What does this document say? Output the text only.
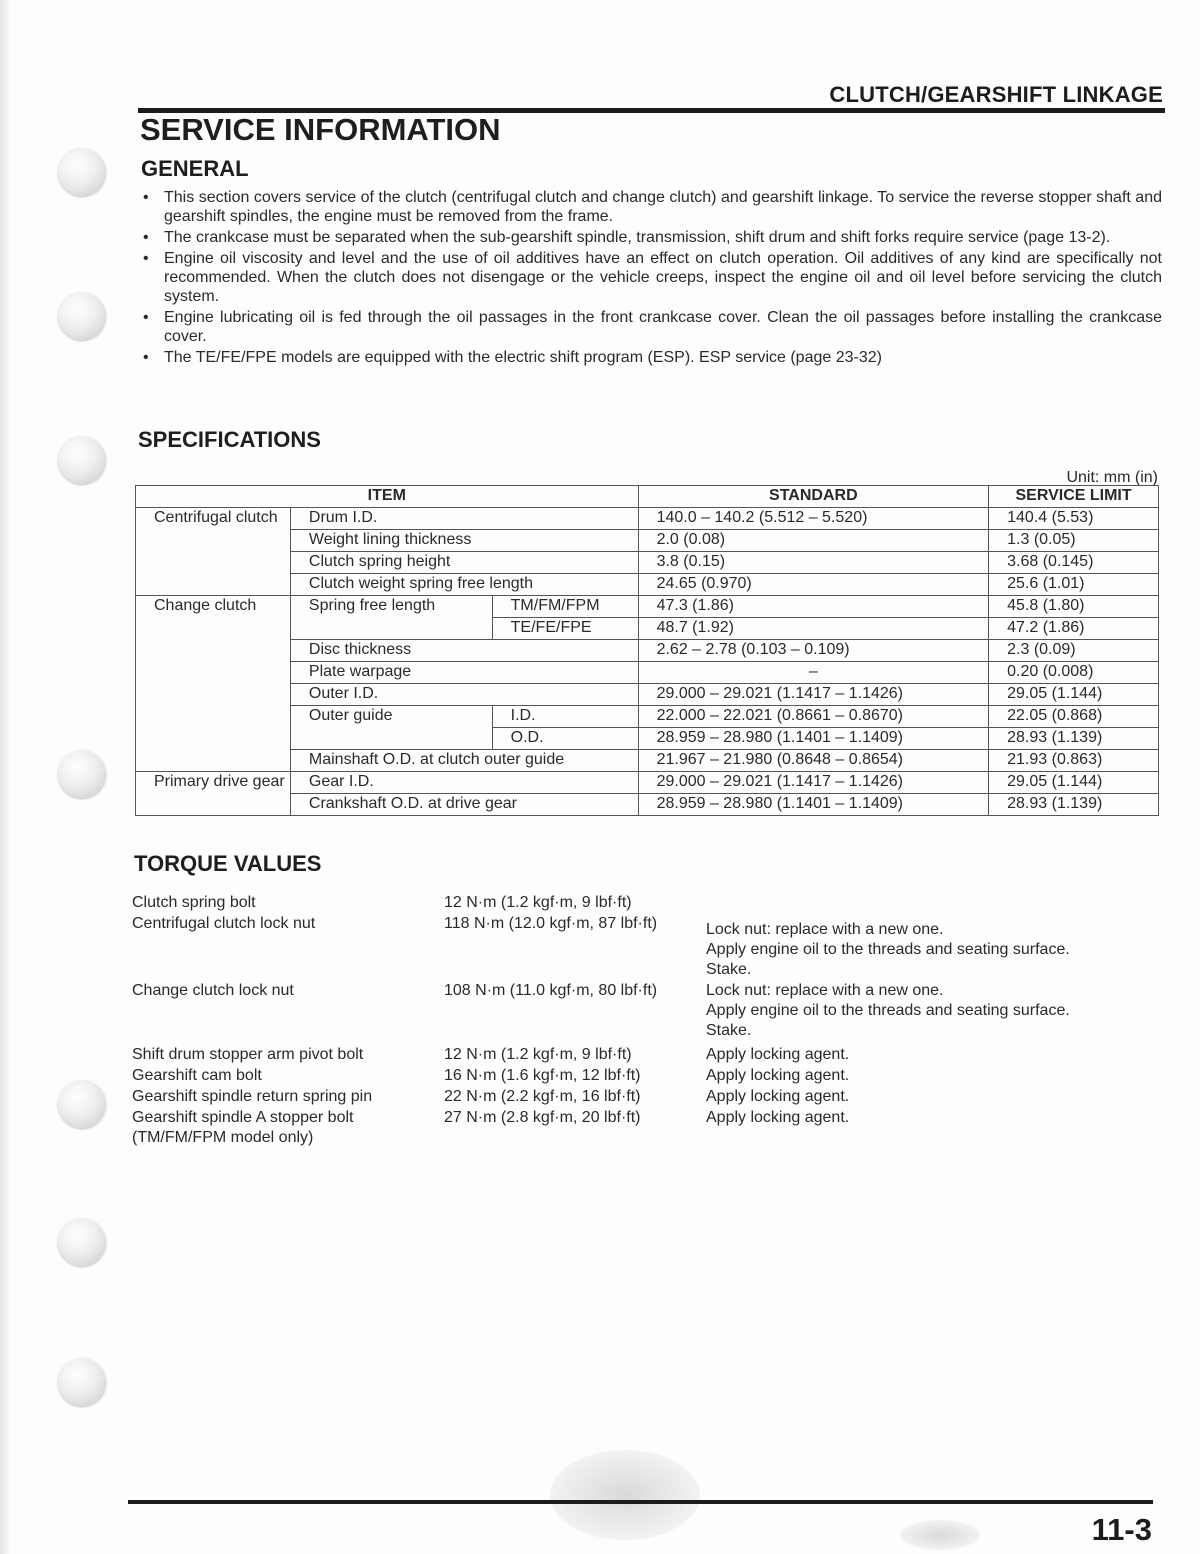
CLUTCH/GEARSHIFT LINKAGE
SERVICE INFORMATION
GENERAL
• This section covers service of the clutch (centrifugal clutch and change clutch) and gearshift linkage. To service the reverse stopper shaft and gearshift spindles, the engine must be removed from the frame.
• The crankcase must be separated when the sub-gearshift spindle, transmission, shift drum and shift forks require service (page 13-2).
• Engine oil viscosity and level and the use of oil additives have an effect on clutch operation. Oil additives of any kind are specifically not recommended. When the clutch does not disengage or the vehicle creeps, inspect the engine oil and oil level before servicing the clutch system.
• Engine lubricating oil is fed through the oil passages in the front crankcase cover. Clean the oil passages before installing the crankcase cover.
• The TE/FE/FPE models are equipped with the electric shift program (ESP). ESP service (page 23-32)
SPECIFICATIONS
Unit: mm (in)
ITEM			STANDARD	SERVICE LIMIT
Centrifugal clutch	Drum I.D.		140.0 – 140.2 (5.512 – 5.520)	140.4 (5.53)
	Weight lining thickness		2.0 (0.08)	1.3 (0.05)
	Clutch spring height		3.8 (0.15)	3.68 (0.145)
	Clutch weight spring free length		24.65 (0.970)	25.6 (1.01)
Change clutch	Spring free length	TM/FM/FPM	47.3 (1.86)	45.8 (1.80)
		TE/FE/FPE	48.7 (1.92)	47.2 (1.86)
	Disc thickness		2.62 – 2.78 (0.103 – 0.109)	2.3 (0.09)
	Plate warpage		–	0.20 (0.008)
	Outer I.D.		29.000 – 29.021 (1.1417 – 1.1426)	29.05 (1.144)
	Outer guide	I.D.	22.000 – 22.021 (0.8661 – 0.8670)	22.05 (0.868)
		O.D.	28.959 – 28.980 (1.1401 – 1.1409)	28.93 (1.139)
	Mainshaft O.D. at clutch outer guide		21.967 – 21.980 (0.8648 – 0.8654)	21.93 (0.863)
Primary drive gear	Gear I.D.		29.000 – 29.021 (1.1417 – 1.1426)	29.05 (1.144)
	Crankshaft O.D. at drive gear		28.959 – 28.980 (1.1401 – 1.1409)	28.93 (1.139)
TORQUE VALUES
Clutch spring bolt	12 N·m (1.2 kgf·m, 9 lbf·ft)	
Centrifugal clutch lock nut	118 N·m (12.0 kgf·m, 87 lbf·ft)	Lock nut: replace with a new one.
Apply engine oil to the threads and seating surface.
Stake.

Change clutch lock nut	108 N·m (11.0 kgf·m, 80 lbf·ft)	Lock nut: replace with a new one.
Apply engine oil to the threads and seating surface.
Stake.

Shift drum stopper arm pivot bolt	12 N·m (1.2 kgf·m, 9 lbf·ft)	Apply locking agent.
Gearshift cam bolt	16 N·m (1.6 kgf·m, 12 lbf·ft)	Apply locking agent.
Gearshift spindle return spring pin	22 N·m (2.2 kgf·m, 16 lbf·ft)	Apply locking agent.

Gearshift spindle A stopper bolt
(TM/FM/FPM model only)	27 N·m (2.8 kgf·m, 20 lbf·ft)	Apply locking agent.
11-3
